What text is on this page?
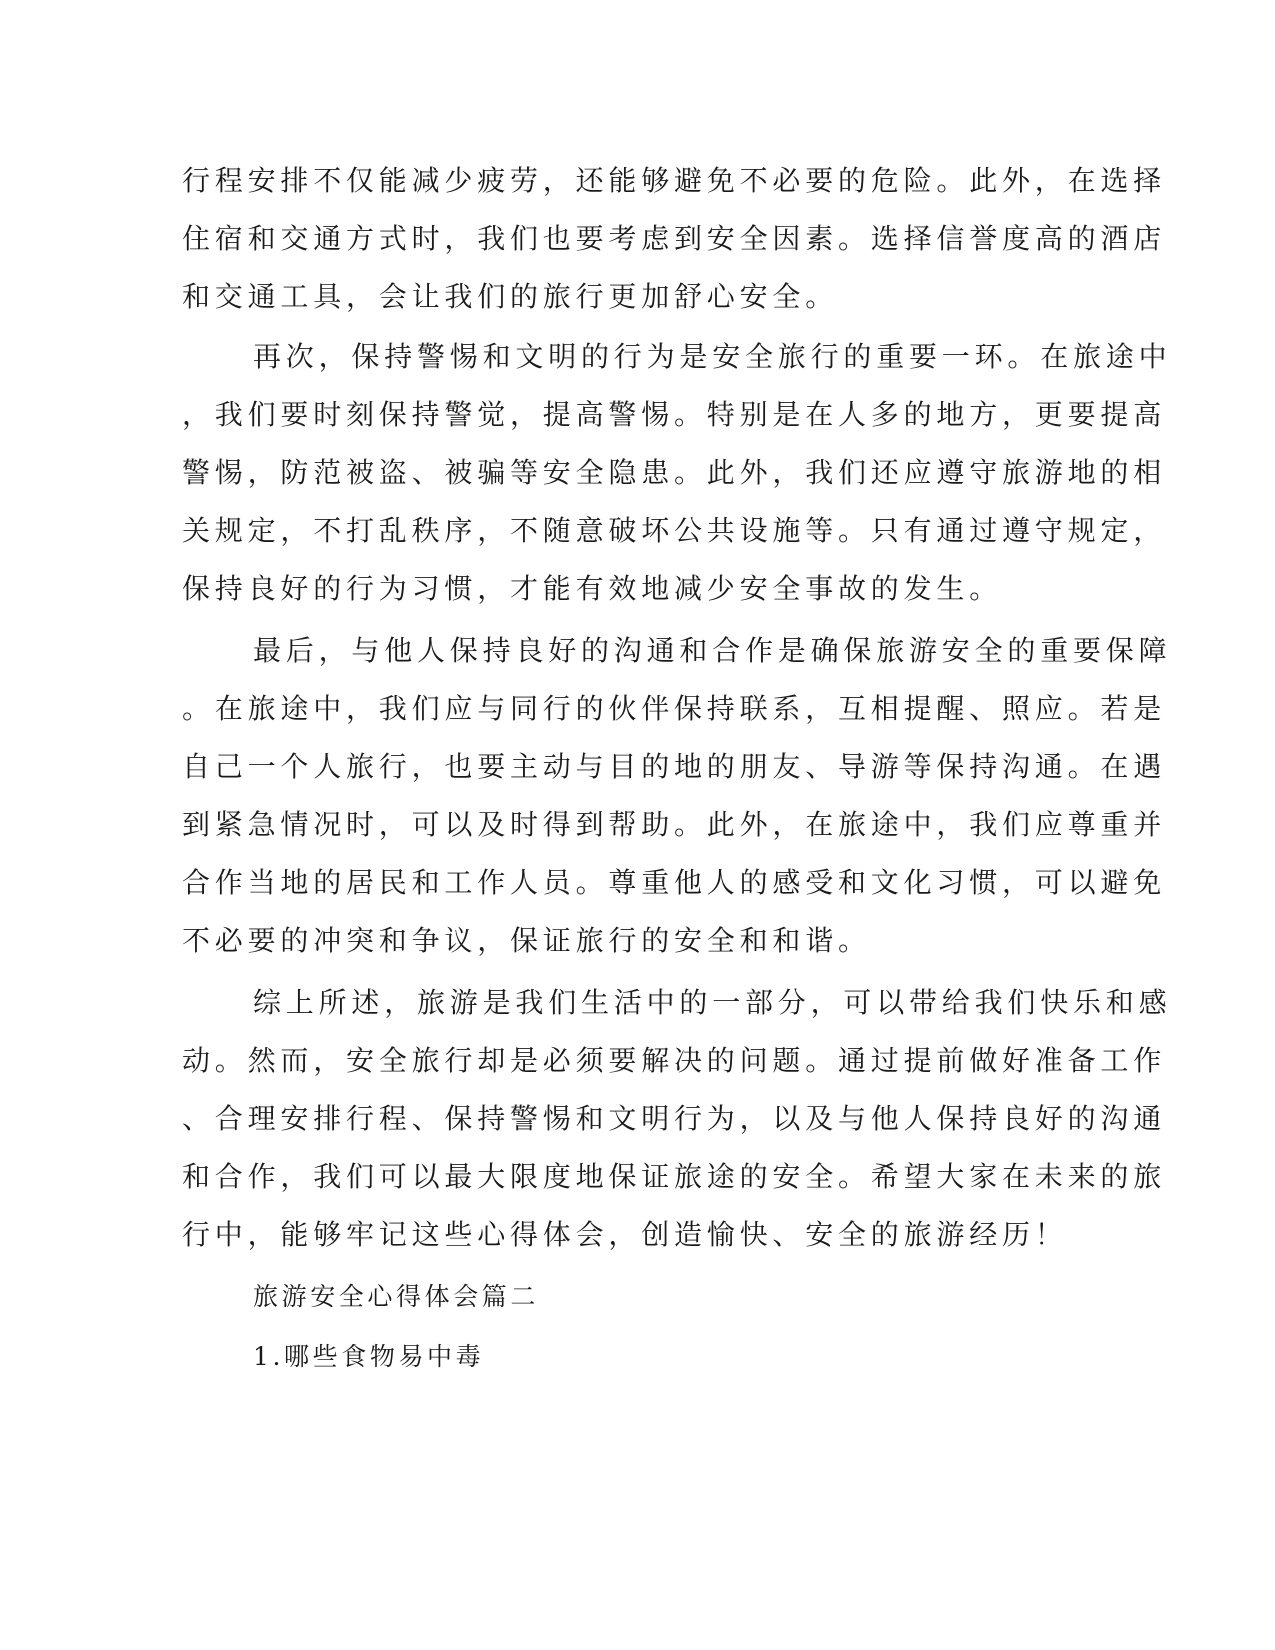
行程安排不仅能减少疲劳，还能够避免不必要的危险。此外，在选择
住宿和交通方式时，我们也要考虑到安全因素。选择信誉度高的酒店
和交通工具，会让我们的旅行更加舒心安全。
再次，保持警惕和文明的行为是安全旅行的重要一环。在旅途中
，我们要时刻保持警觉，提高警惕。特别是在人多的地方，更要提高
警惕，防范被盗、被骗等安全隐患。此外，我们还应遵守旅游地的相
关规定，不打乱秩序，不随意破坏公共设施等。只有通过遵守规定，
保持良好的行为习惯，才能有效地减少安全事故的发生。
最后，与他人保持良好的沟通和合作是确保旅游安全的重要保障
。在旅途中，我们应与同行的伙伴保持联系，互相提醒、照应。若是
自己一个人旅行，也要主动与目的地的朋友、导游等保持沟通。在遇
到紧急情况时，可以及时得到帮助。此外，在旅途中，我们应尊重并
合作当地的居民和工作人员。尊重他人的感受和文化习惯，可以避免
不必要的冲突和争议，保证旅行的安全和和谐。
综上所述，旅游是我们生活中的一部分，可以带给我们快乐和感
动。然而，安全旅行却是必须要解决的问题。通过提前做好准备工作
、合理安排行程、保持警惕和文明行为，以及与他人保持良好的沟通
和合作，我们可以最大限度地保证旅途的安全。希望大家在未来的旅
行中，能够牢记这些心得体会，创造愉快、安全的旅游经历！
旅游安全心得体会篇二
1.哪些食物易中毒
